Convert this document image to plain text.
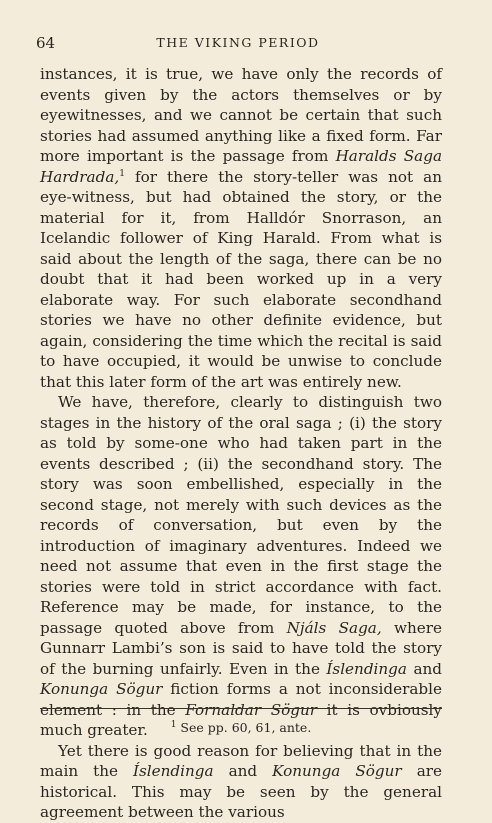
64	THE VIKING PERIOD

instances, it is true, we have only the records of events given by the actors themselves or by eyewitnesses, and we cannot be certain that such stories had assumed anything like a fixed form. Far more important is the passage from Haralds Saga Hardrada,$^1$ for there the story-teller was not an eye-witness, but had obtained the story, or the material for it, from Halldór Snorrason, an Icelandic follower of King Harald. From what is said about the length of the saga, there can be no doubt that it had been worked up in a very elaborate way. For such elaborate secondhand stories we have no other definite evidence, but again, considering the time which the recital is said to have occupied, it would be unwise to conclude that this later form of the art was entirely new.

We have, therefore, clearly to distinguish two stages in the history of the oral saga ; (i) the story as told by some-one who had taken part in the events described ; (ii) the secondhand story. The story was soon embellished, especially in the second stage, not merely with such devices as the records of conversation, but even by the introduction of imaginary adventures. Indeed we need not assume that even in the first stage the stories were told in strict accordance with fact. Reference may be made, for instance, to the passage quoted above from Njáls Saga, where Gunnarr Lambi’s son is said to have told the story of the burning unfairly. Even in the Íslendinga and Konunga Sögur fiction forms a not inconsiderable element : in the Fornaldar Sögur it is ovbiously much greater.

Yet there is good reason for believing that in the main the Íslendinga and Konunga Sögur are historical. This may be seen by the general agreement between the various

$^1$ See pp. 60, 61, ante.
